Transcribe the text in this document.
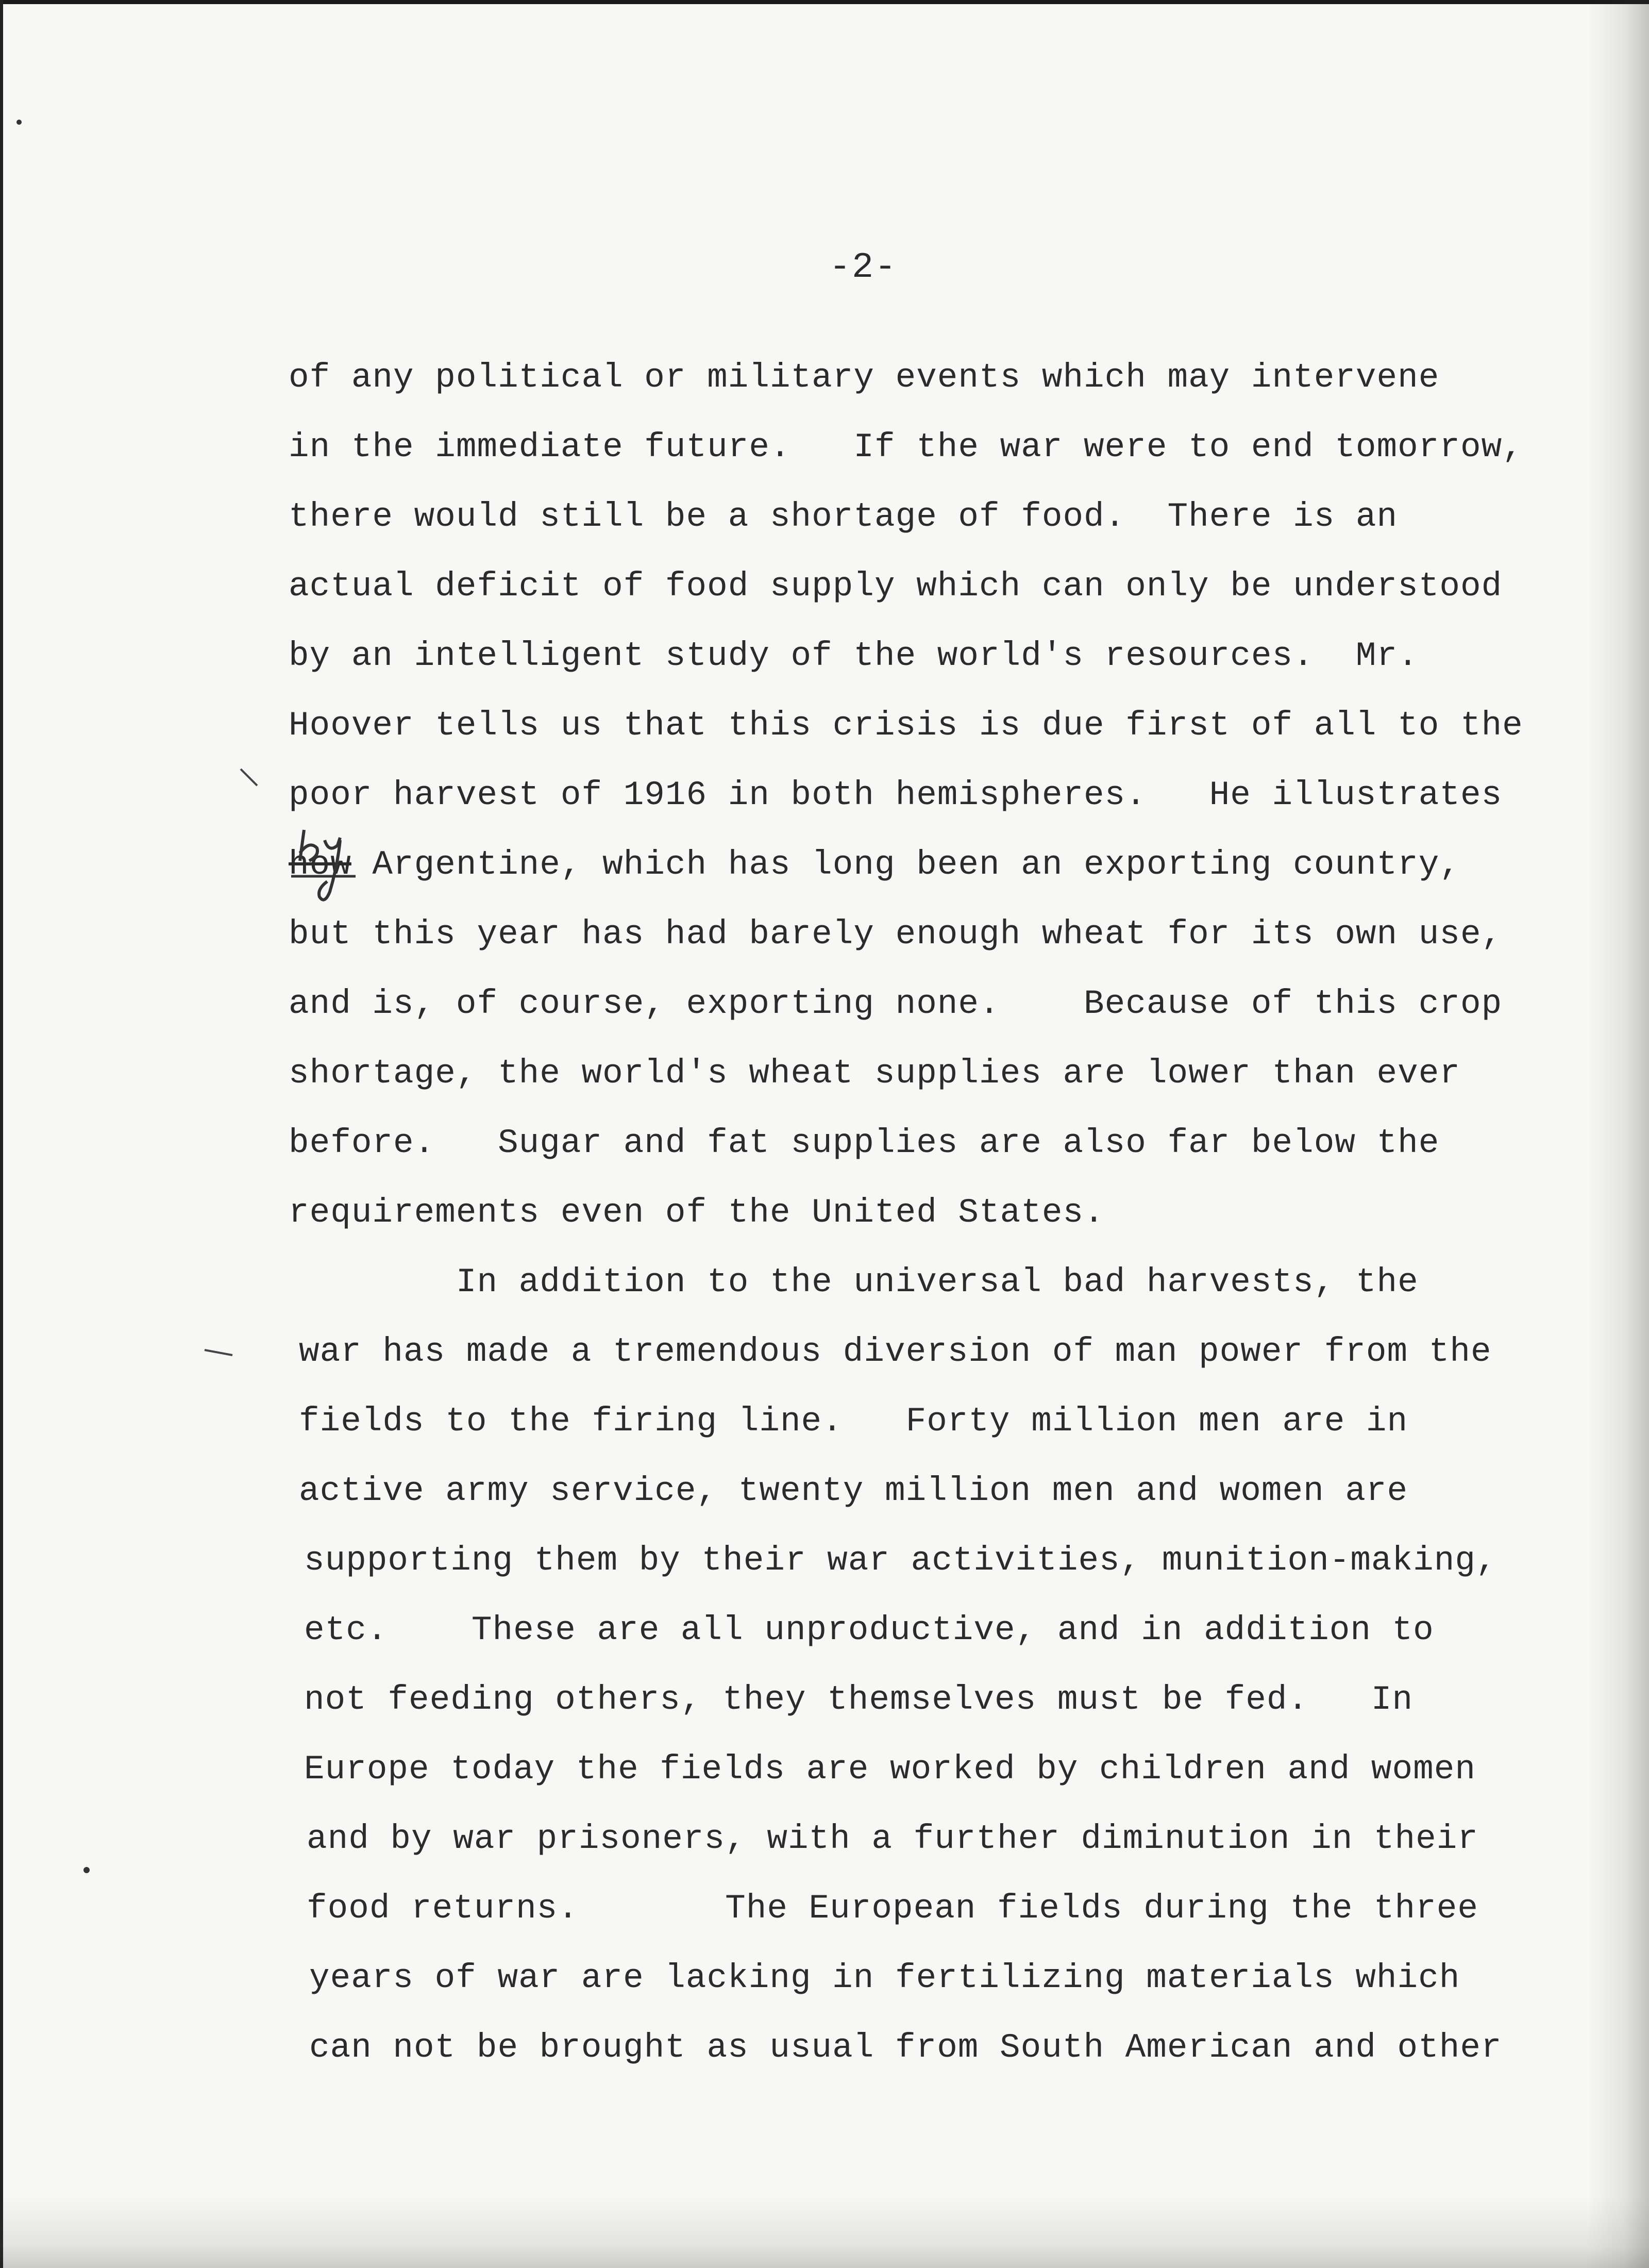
-2-
of any political or military events which may intervene
in the immediate future.   If the war were to end tomorrow,
there would still be a shortage of food.  There is an
actual deficit of food supply which can only be understood
by an intelligent study of the world's resources.  Mr.
Hoover tells us that this crisis is due first of all to the
poor harvest of 1916 in both hemispheres.   He illustrates
how Argentine, which has long been an exporting country,
but this year has had barely enough wheat for its own use,
and is, of course, exporting none.    Because of this crop
shortage, the world's wheat supplies are lower than ever
before.   Sugar and fat supplies are also far below the
requirements even of the United States.
In addition to the universal bad harvests, the
war has made a tremendous diversion of man power from the
fields to the firing line.   Forty million men are in
active army service, twenty million men and women are
supporting them by their war activities, munition-making,
etc.    These are all unproductive, and in addition to
not feeding others, they themselves must be fed.   In
Europe today the fields are worked by children and women
and by war prisoners, with a further diminution in their
food returns.       The European fields during the three
years of war are lacking in fertilizing materials which
can not be brought as usual from South American and other
